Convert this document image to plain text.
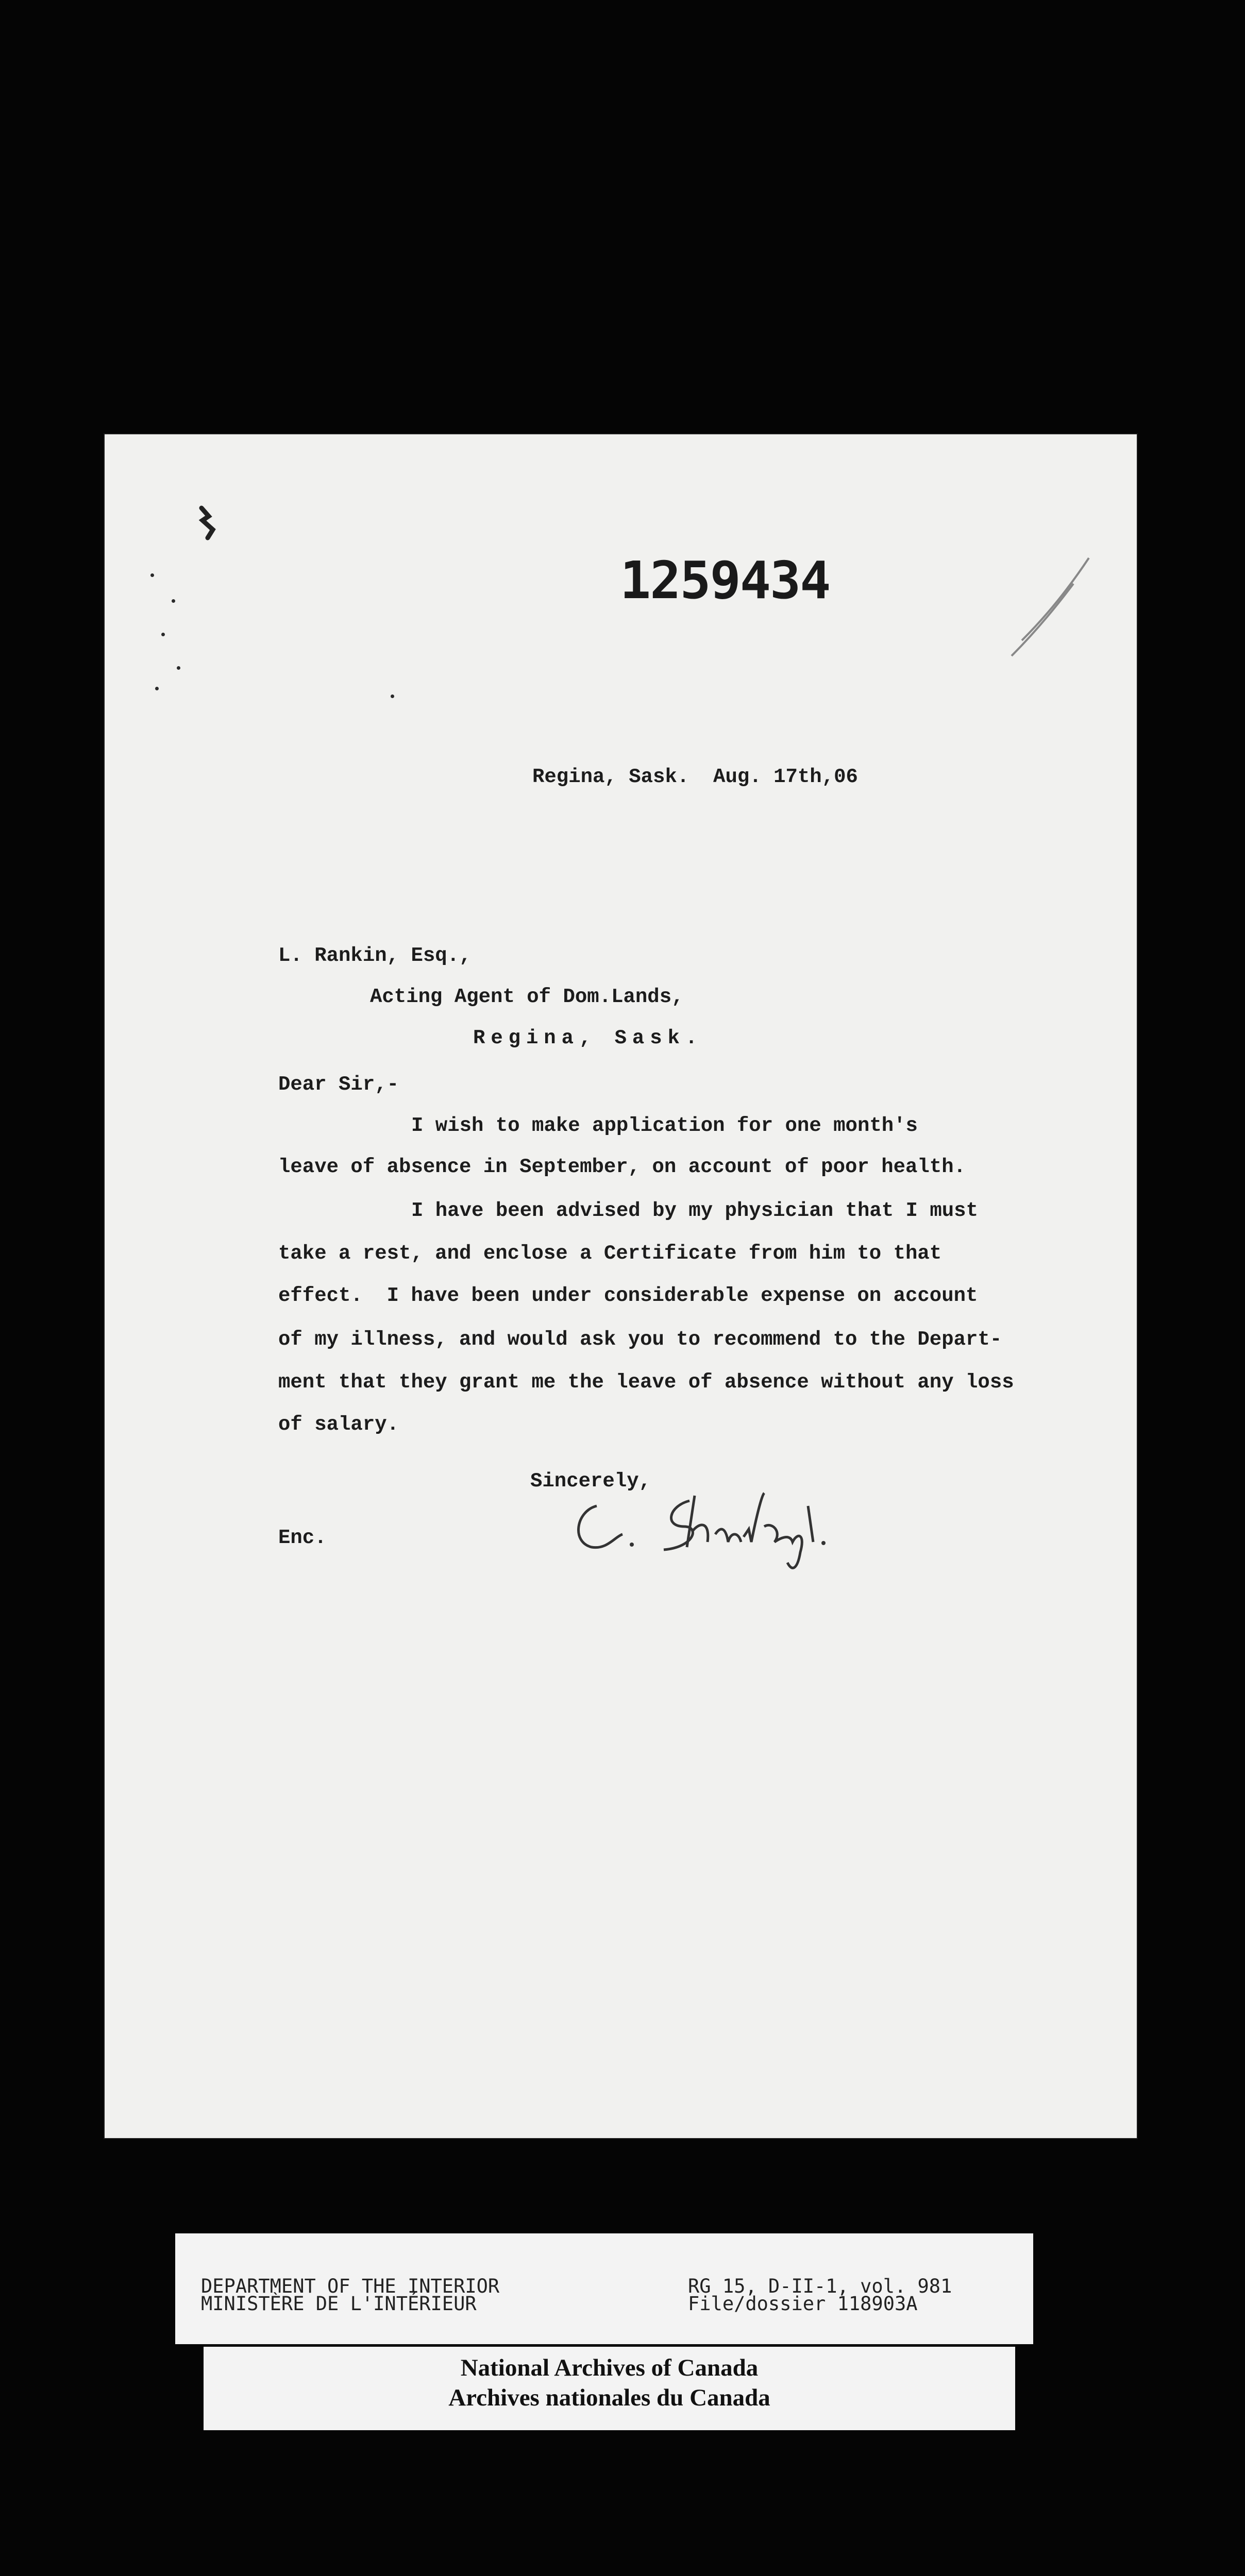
1259434
Regina, Sask.  Aug. 17th,06
L. Rankin, Esq.,
Acting Agent of Dom.Lands,
Regina, Sask.
Dear Sir,-
I wish to make application for one month's
leave of absence in September, on account of poor health.
I have been advised by my physician that I must
take a rest, and enclose a Certificate from him to that
effect.  I have been under considerable expense on account
of my illness, and would ask you to recommend to the Depart-
ment that they grant me the leave of absence without any loss
of salary.
Sincerely,
Enc.
DEPARTMENT OF THE INTERIOR
MINISTÈRE DE L'INTÉRIEUR
RG 15, D-II-1, vol. 981
File/dossier 118903A
National Archives of Canada
Archives nationales du Canada
